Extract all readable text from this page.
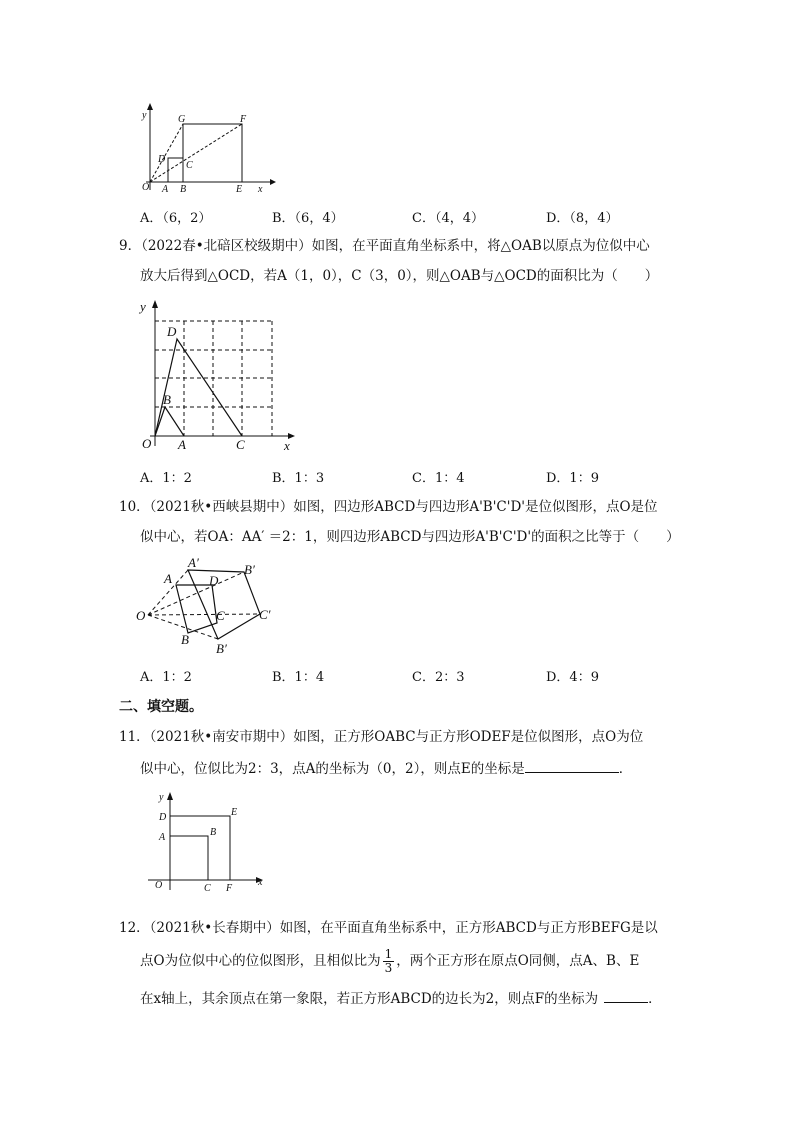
y
x
O A B	E
C
D
G	F
A．（6，2）	B．（6，4）	C．（4，4）	D．（8，4）
9．（2022春•北碚区校级期中）如图，在平面直角坐标系中，将△OAB以原点为位似中心
放大后得到△OCD，若A（1，0），C（3，0），则△OAB与△OCD的面积比为（　　）
y
x
O A
B
C
D
A．1：2	B．1：3	C．1：4	D．1：9
10．（2021秋•西峡县期中）如图，四边形ABCD与四边形A'B'C'D'是位似图形，点O是位
似中心，若OA：AA′ ＝2：1，则四边形ABCD与四边形A'B'C'D'的面积之比等于（　　）
O
A
B
C
D
A′	B′
C′
B′
A．1：2	B．1：4	C．2：3	D．4：9
二、填空题。
11．（2021秋•南安市期中）如图，正方形OABC与正方形ODEF是位似图形，点O为位
似中心，位似比为2：3，点A的坐标为（0，2），则点E的坐标是	．
y
x
O
A	B
C
D	E
F
12．（2021秋•长春期中）如图，在平面直角坐标系中，正方形ABCD与正方形BEFG是以
点O为位似中心的位似图形，且相似比为 $\frac{1}{3}$ ，两个正方形在原点O同侧，点A、B、E
在x轴上，其余顶点在第一象限，若正方形ABCD的边长为2，则点F的坐标为	．
